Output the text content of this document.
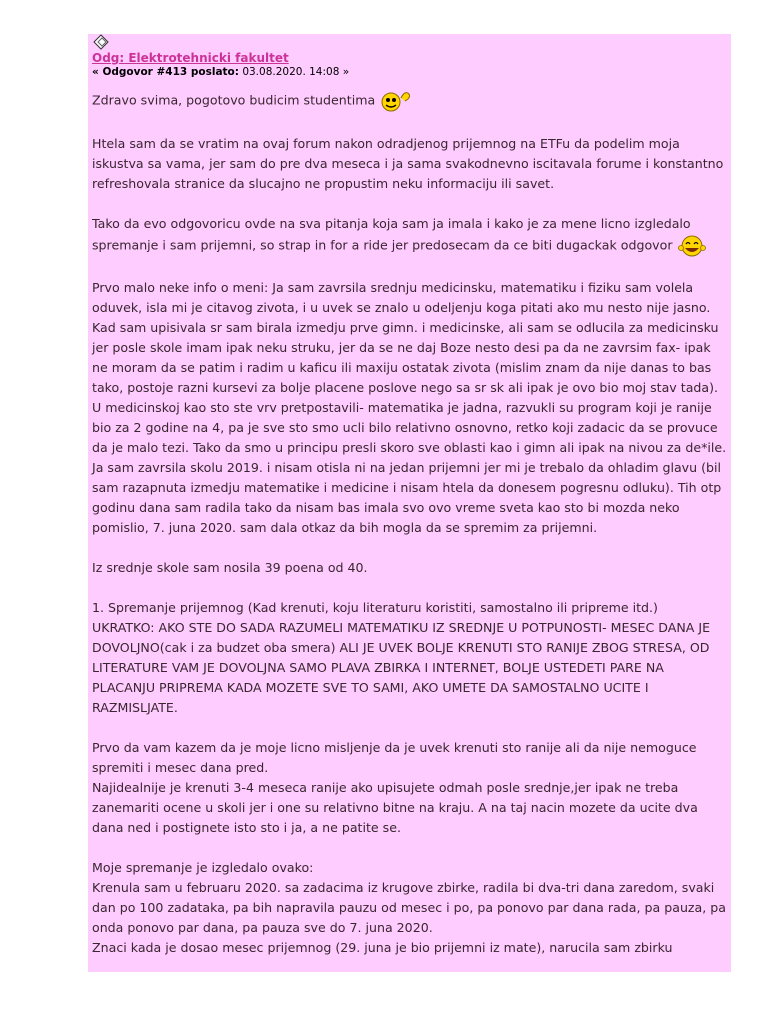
Odg: Elektrotehnicki fakultet
« Odgovor #413 poslato: 03.08.2020. 14:08 »

Zdravo svima, pogotovo budicim studentima

Htela sam da se vratim na ovaj forum nakon odradjenog prijemnog na ETFu da podelim moja iskustva sa vama, jer sam do pre dva meseca i ja sama svakodnevno iscitavala forume i konstantno refreshovala stranice da slucajno ne propustim neku informaciju ili savet.

Tako da evo odgovoricu ovde na sva pitanja koja sam ja imala i kako je za mene licno izgledalo spremanje i sam prijemni, so strap in for a ride jer predosecam da ce biti dugackak odgovor

Prvo malo neke info o meni: Ja sam zavrsila srednju medicinsku, matematiku i fiziku sam volela oduvek, isla mi je citavog zivota, i u uvek se znalo u odeljenju koga pitati ako mu nesto nije jasno. Kad sam upisivala sr sam birala izmedju prve gimn. i medicinske, ali sam se odlucila za medicinsku jer posle skole imam ipak neku struku, jer da se ne daj Boze nesto desi pa da ne zavrsim fax- ipak ne moram da se patim i radim u kaficu ili maxiju ostatak zivota (mislim znam da nije danas to bas tako, postoje razni kursevi za bolje placene poslove nego sa sr sk ali ipak je ovo bio moj stav tada). U medicinskoj kao sto ste vrv pretpostavili- matematika je jadna, razvukli su program koji je ranije bio za 2 godine na 4, pa je sve sto smo ucli bilo relativno osnovno, retko koji zadacic da se provuce da je malo tezi. Tako da smo u principu presli skoro sve oblasti kao i gimn ali ipak na nivou za de*ile. Ja sam zavrsila skolu 2019. i nisam otisla ni na jedan prijemni jer mi je trebalo da ohladim glavu (bil sam razapnuta izmedju matematike i medicine i nisam htela da donesem pogresnu odluku). Tih otp godinu dana sam radila tako da nisam bas imala svo ovo vreme sveta kao sto bi mozda neko pomislio, 7. juna 2020. sam dala otkaz da bih mogla da se spremim za prijemni.

Iz srednje skole sam nosila 39 poena od 40.

1. Spremanje prijemnog (Kad krenuti, koju literaturu koristiti, samostalno ili pripreme itd.)

UKRATKO: AKO STE DO SADA RAZUMELI MATEMATIKU IZ SREDNJE U POTPUNOSTI- MESEC DANA JE DOVOLJNO(cak i za budzet oba smera) ALI JE UVEK BOLJE KRENUTI STO RANIJE ZBOG STRESA, OD LITERATURE VAM JE DOVOLJNA SAMO PLAVA ZBIRKA I INTERNET, BOLJE USTEDETI PARE NA PLACANJU PRIPREMA KADA MOZETE SVE TO SAMI, AKO UMETE DA SAMOSTALNO UCITE I RAZMISLJATE.

Prvo da vam kazem da je moje licno misljenje da je uvek krenuti sto ranije ali da nije nemoguce spremiti i mesec dana pred.

Najidealnije je krenuti 3-4 meseca ranije ako upisujete odmah posle srednje,jer ipak ne treba zanemariti ocene u skoli jer i one su relativno bitne na kraju. A na taj nacin mozete da ucite dva dana ned i postignete isto sto i ja, a ne patite se.

Moje spremanje je izgledalo ovako:

Krenula sam u februaru 2020. sa zadacima iz krugove zbirke, radila bi dva-tri dana zaredom, svaki dan po 100 zadataka, pa bih napravila pauzu od mesec i po, pa ponovo par dana rada, pa pauza, pa onda ponovo par dana, pa pauza sve do 7. juna 2020.

Znaci kada je dosao mesec prijemnog (29. juna je bio prijemni iz mate), narucila sam zbirku
